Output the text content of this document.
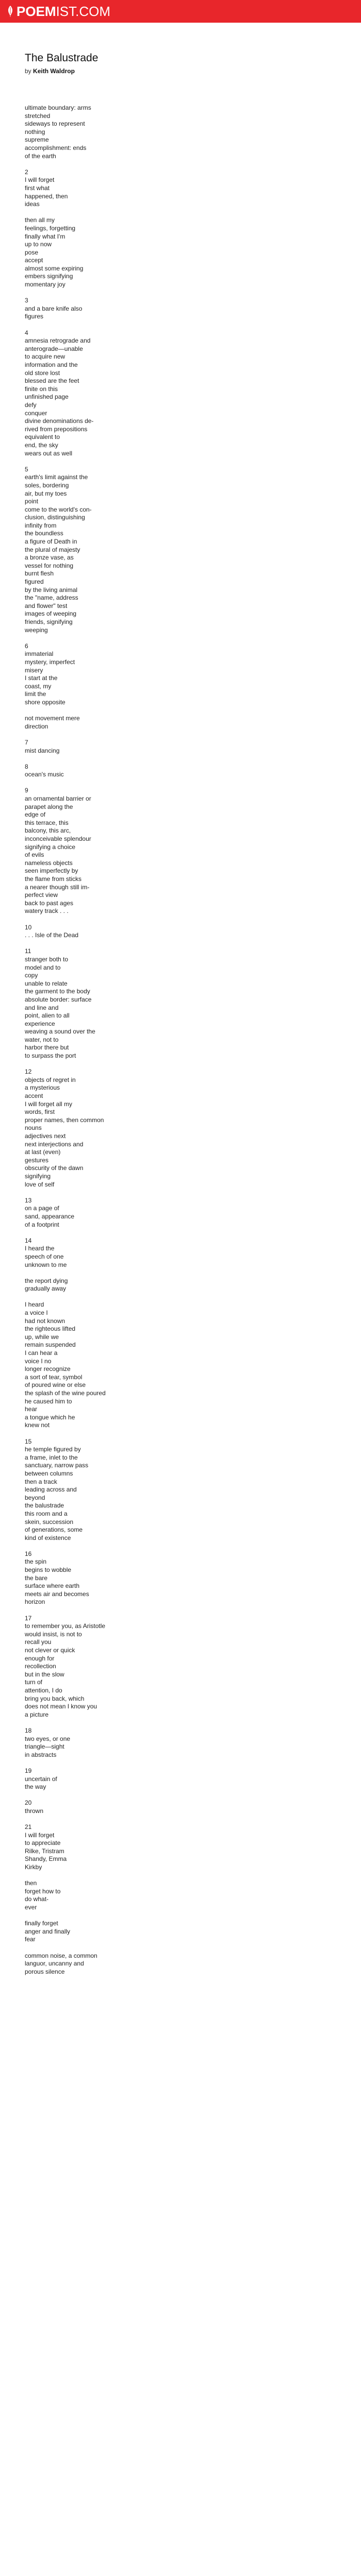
POEMIST.COM
The Balustrade
by Keith Waldrop
ultimate boundary: arms
stretched
sideways to represent
nothing
supreme
accomplishment: ends
of the earth
2
I will forget
first what
happened, then
ideas
then all my
feelings, forgetting
finally what I'm
up to now
pose
accept
almost some expiring
embers signifying
momentary joy
3
and a bare knife also
figures
4
amnesia retrograde and
anterograde—unable
to acquire new
information and the
old store lost
blessed are the feet
finite on this
unfinished page
defy
conquer
divine denominations de-
rived from prepositions
equivalent to
end, the sky
wears out as well
5
earth's limit against the
soles, bordering
air, but my toes
point
come to the world's con-
clusion, distinguishing
infinity from
the boundless
a figure of Death in
the plural of majesty
a bronze vase, as
vessel for nothing
burnt flesh
figured
by the living animal
the "name, address
and flower" test
images of weeping
friends, signifying
weeping
6
immaterial
mystery, imperfect
misery
I start at the
coast, my
limit the
shore opposite
not movement mere
direction
7
mist dancing
8
ocean's music
9
an ornamental barrier or
parapet along the
edge of
this terrace, this
balcony, this arc,
inconceivable splendour
signifying a choice
of evils
nameless objects
seen imperfectly by
the flame from sticks
a nearer though still im-
perfect view
back to past ages
watery track . . .
10
. . . Isle of the Dead
11
stranger both to
model and to
copy
unable to relate
the garment to the body
absolute border: surface
and line and
point, alien to all
experience
weaving a sound over the
water, not to
harbor there but
to surpass the port
12
objects of regret in
a mysterious
accent
I will forget all my
words, first
proper names, then common
nouns
adjectives next
next interjections and
at last (even)
gestures
obscurity of the dawn
signifying
love of self
13
on a page of
sand, appearance
of a footprint
14
I heard the
speech of one
unknown to me
the report dying
gradually away
I heard
a voice I
had not known
the righteous lifted
up, while we
remain suspended
I can hear a
voice I no
longer recognize
a sort of tear, symbol
of poured wine or else
the splash of the wine poured
he caused him to
hear
a tongue which he
knew not
15
he temple figured by
a frame, inlet to the
sanctuary, narrow pass
between columns
then a track
leading across and
beyond
the balustrade
this room and a
skein, succession
of generations, some
kind of existence
16
the spin
begins to wobble
the bare
surface where earth
meets air and becomes
horizon
17
to remember you, as Aristotle
would insist, is not to
recall you
not clever or quick
enough for
recollection
but in the slow
turn of
attention, I do
bring you back, which
does not mean I know you
a picture
18
two eyes, or one
triangle—sight
in abstracts
19
uncertain of
the way
20
thrown
21
I will forget
to appreciate
Rilke, Tristram
Shandy, Emma
Kirkby
then
forget how to
do what-
ever
finally forget
anger and finally
fear
common noise, a common
languor, uncanny and
porous silence
